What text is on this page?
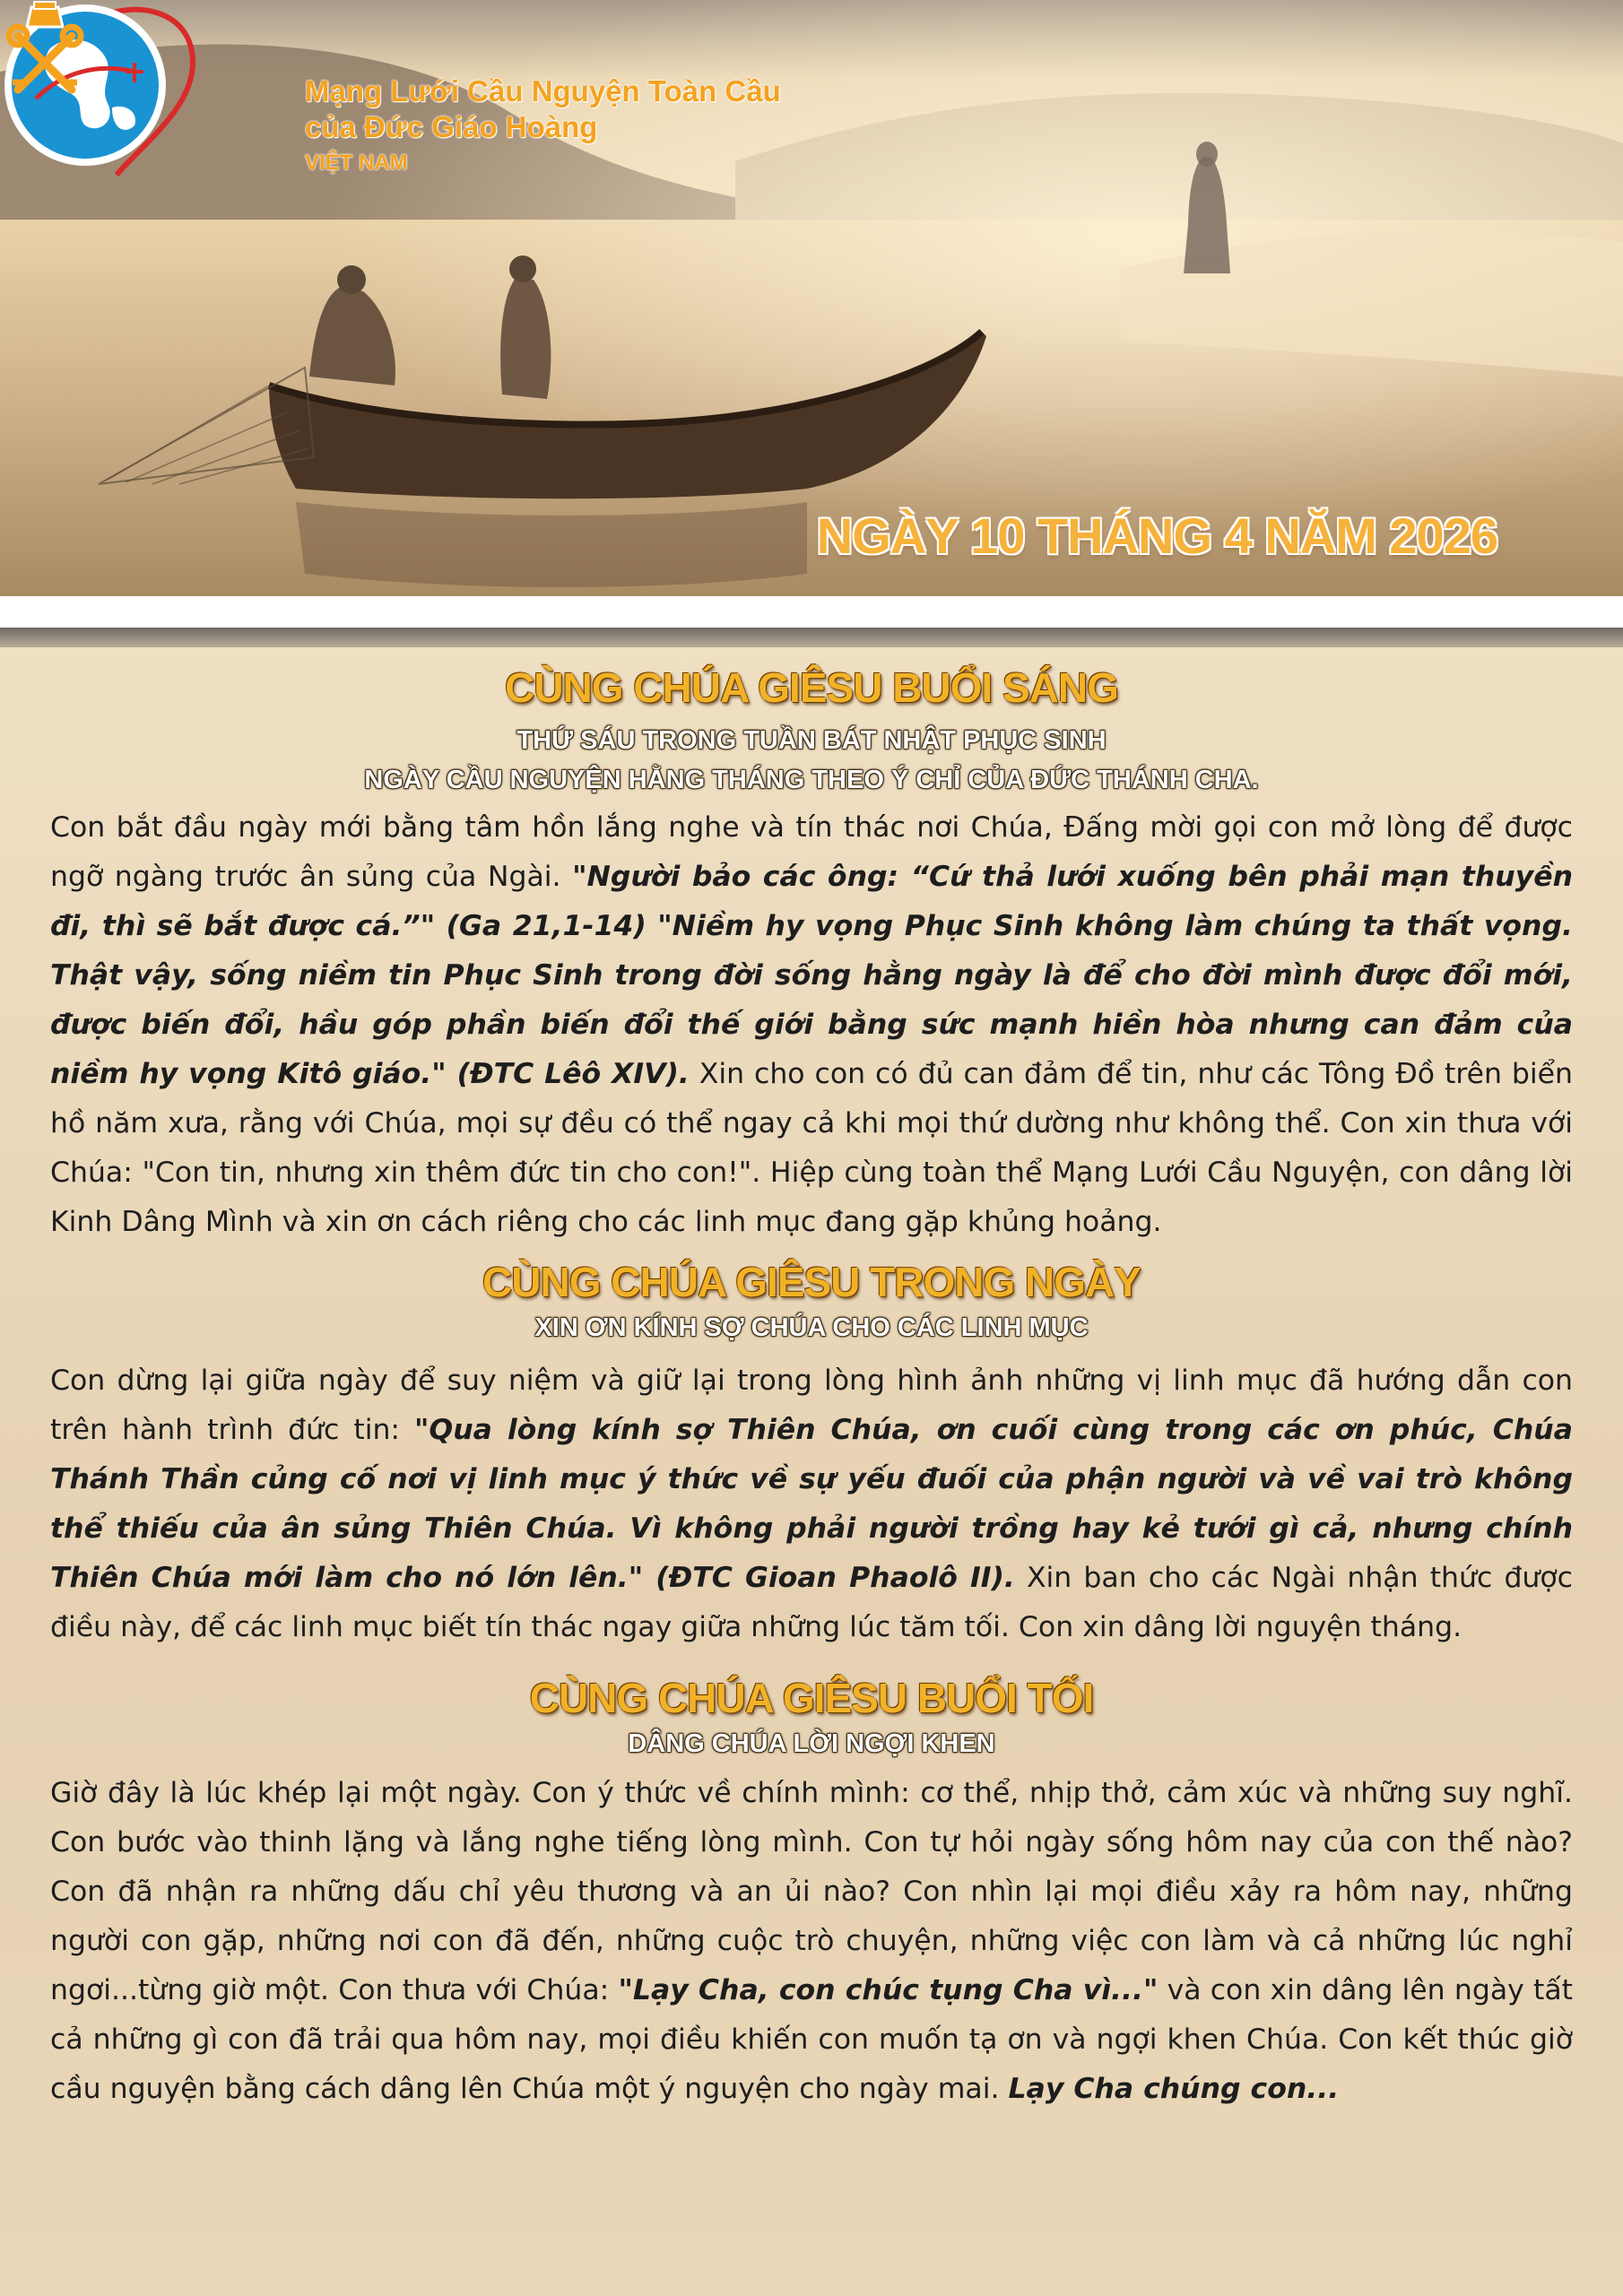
Mạng Lưới Cầu Nguyện Toàn Cầu
của Đức Giáo Hoàng
VIỆT NAM
NGÀY 10 THÁNG 4 NĂM 2026
CÙNG CHÚA GIÊSU BUỔI SÁNG

THỨ SÁU TRONG TUẦN BÁT NHẬT PHỤC SINH

NGÀY CẦU NGUYỆN HẰNG THÁNG THEO Ý CHỈ CỦA ĐỨC THÁNH CHA.

Con bắt đầu ngày mới bằng tâm hồn lắng nghe và tín thác nơi Chúa, Đấng mời gọi con mở lòng để được ngỡ ngàng trước ân sủng của Ngài. "Người bảo các ông: “Cứ thả lưới xuống bên phải mạn thuyền đi, thì sẽ bắt được cá.”" (Ga 21,1-14) "Niềm hy vọng Phục Sinh không làm chúng ta thất vọng. Thật vậy, sống niềm tin Phục Sinh trong đời sống hằng ngày là để cho đời mình được đổi mới, được biến đổi, hầu góp phần biến đổi thế giới bằng sức mạnh hiền hòa nhưng can đảm của niềm hy vọng Kitô giáo." (ĐTC Lêô XIV). Xin cho con có đủ can đảm để tin, như các Tông Đồ trên biển hồ năm xưa, rằng với Chúa, mọi sự đều có thể ngay cả khi mọi thứ dường như không thể. Con xin thưa với Chúa: "Con tin, nhưng xin thêm đức tin cho con!". Hiệp cùng toàn thể Mạng Lưới Cầu Nguyện, con dâng lời Kinh Dâng Mình và xin ơn cách riêng cho các linh mục đang gặp khủng hoảng.
CÙNG CHÚA GIÊSU TRONG NGÀY

XIN ƠN KÍNH SỢ CHÚA CHO CÁC LINH MỤC

Con dừng lại giữa ngày để suy niệm và giữ lại trong lòng hình ảnh những vị linh mục đã hướng dẫn con trên hành trình đức tin: "Qua lòng kính sợ Thiên Chúa, ơn cuối cùng trong các ơn phúc, Chúa Thánh Thần củng cố nơi vị linh mục ý thức về sự yếu đuối của phận người và về vai trò không thể thiếu của ân sủng Thiên Chúa. Vì không phải người trồng hay kẻ tưới gì cả, nhưng chính Thiên Chúa mới làm cho nó lớn lên." (ĐTC Gioan Phaolô II). Xin ban cho các Ngài nhận thức được điều này, để các linh mục biết tín thác ngay giữa những lúc tăm tối. Con xin dâng lời nguyện tháng.
CÙNG CHÚA GIÊSU BUỔI TỐI

DÂNG CHÚA LỜI NGỢI KHEN

Giờ đây là lúc khép lại một ngày. Con ý thức về chính mình: cơ thể, nhịp thở, cảm xúc và những suy nghĩ. Con bước vào thinh lặng và lắng nghe tiếng lòng mình. Con tự hỏi ngày sống hôm nay của con thế nào? Con đã nhận ra những dấu chỉ yêu thương và an ủi nào? Con nhìn lại mọi điều xảy ra hôm nay, những người con gặp, những nơi con đã đến, những cuộc trò chuyện, những việc con làm và cả những lúc nghỉ ngơi...từng giờ một. Con thưa với Chúa: "Lạy Cha, con chúc tụng Cha vì..." và con xin dâng lên ngày tất cả những gì con đã trải qua hôm nay, mọi điều khiến con muốn tạ ơn và ngợi khen Chúa. Con kết thúc giờ cầu nguyện bằng cách dâng lên Chúa một ý nguyện cho ngày mai. Lạy Cha chúng con...
